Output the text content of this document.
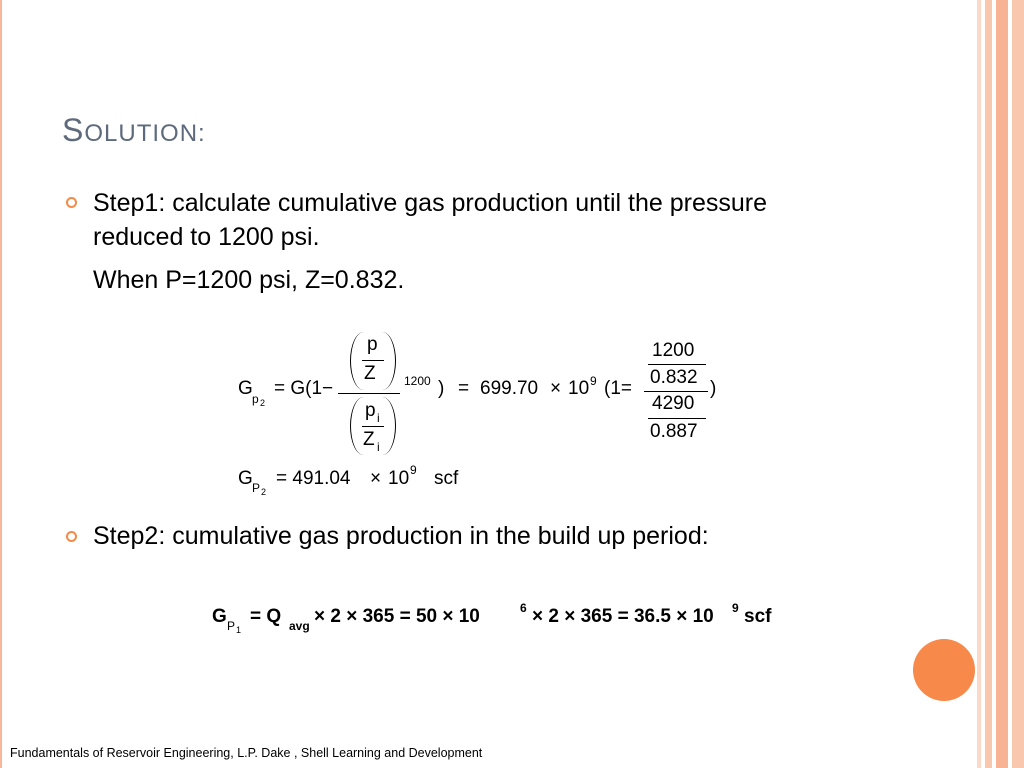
SOLUTION:
Step1: calculate cumulative gas production until the pressure
reduced to 1200 psi.
When P=1200 psi, Z=0.832.
G p 2
= G(1−
p
Z
p i
Z i
1200 ) = 699.70 × 10 9 (1=
1200
0.832
4290
0.887
)
G P 2
= 491.04 × 10 9 scf
Step2: cumulative gas production in the build up period:
G P 1
= Q avg × 2 × 365 = 50 × 10	6 × 2 × 365 = 36.5 × 10 9 scf
Fundamentals of Reservoir Engineering, L.P. Dake , Shell Learning and Development
